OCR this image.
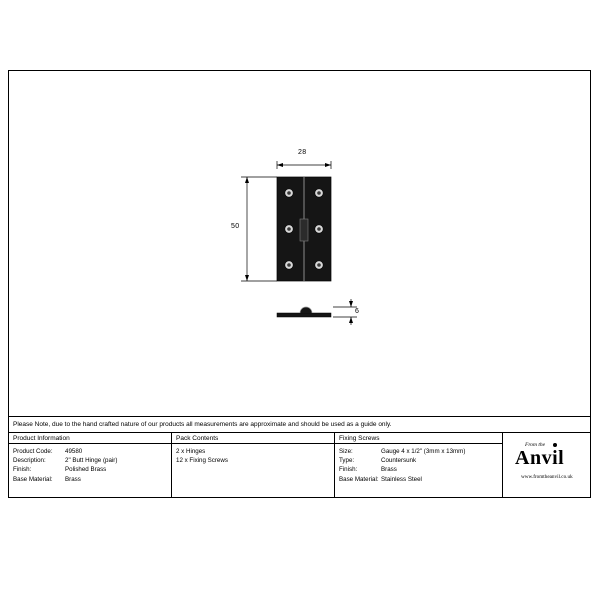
28
50
6
Please Note, due to the hand crafted nature of our products all measurements are approximate and should be used as a guide only.
Product Information
Product Code:	49580
Description:	2" Butt Hinge (pair)
Finish:	Polished Brass
Base Material:	Brass
Pack Contents
2 x Hinges
12 x Fixing Screws
Fixing Screws
Size:	Gauge 4 x 1/2" (3mm x 13mm)
Type:	Countersunk
Finish:	Brass
Base Material: Stainless Steel
From the
Anvil
www.fromtheanvil.co.uk
